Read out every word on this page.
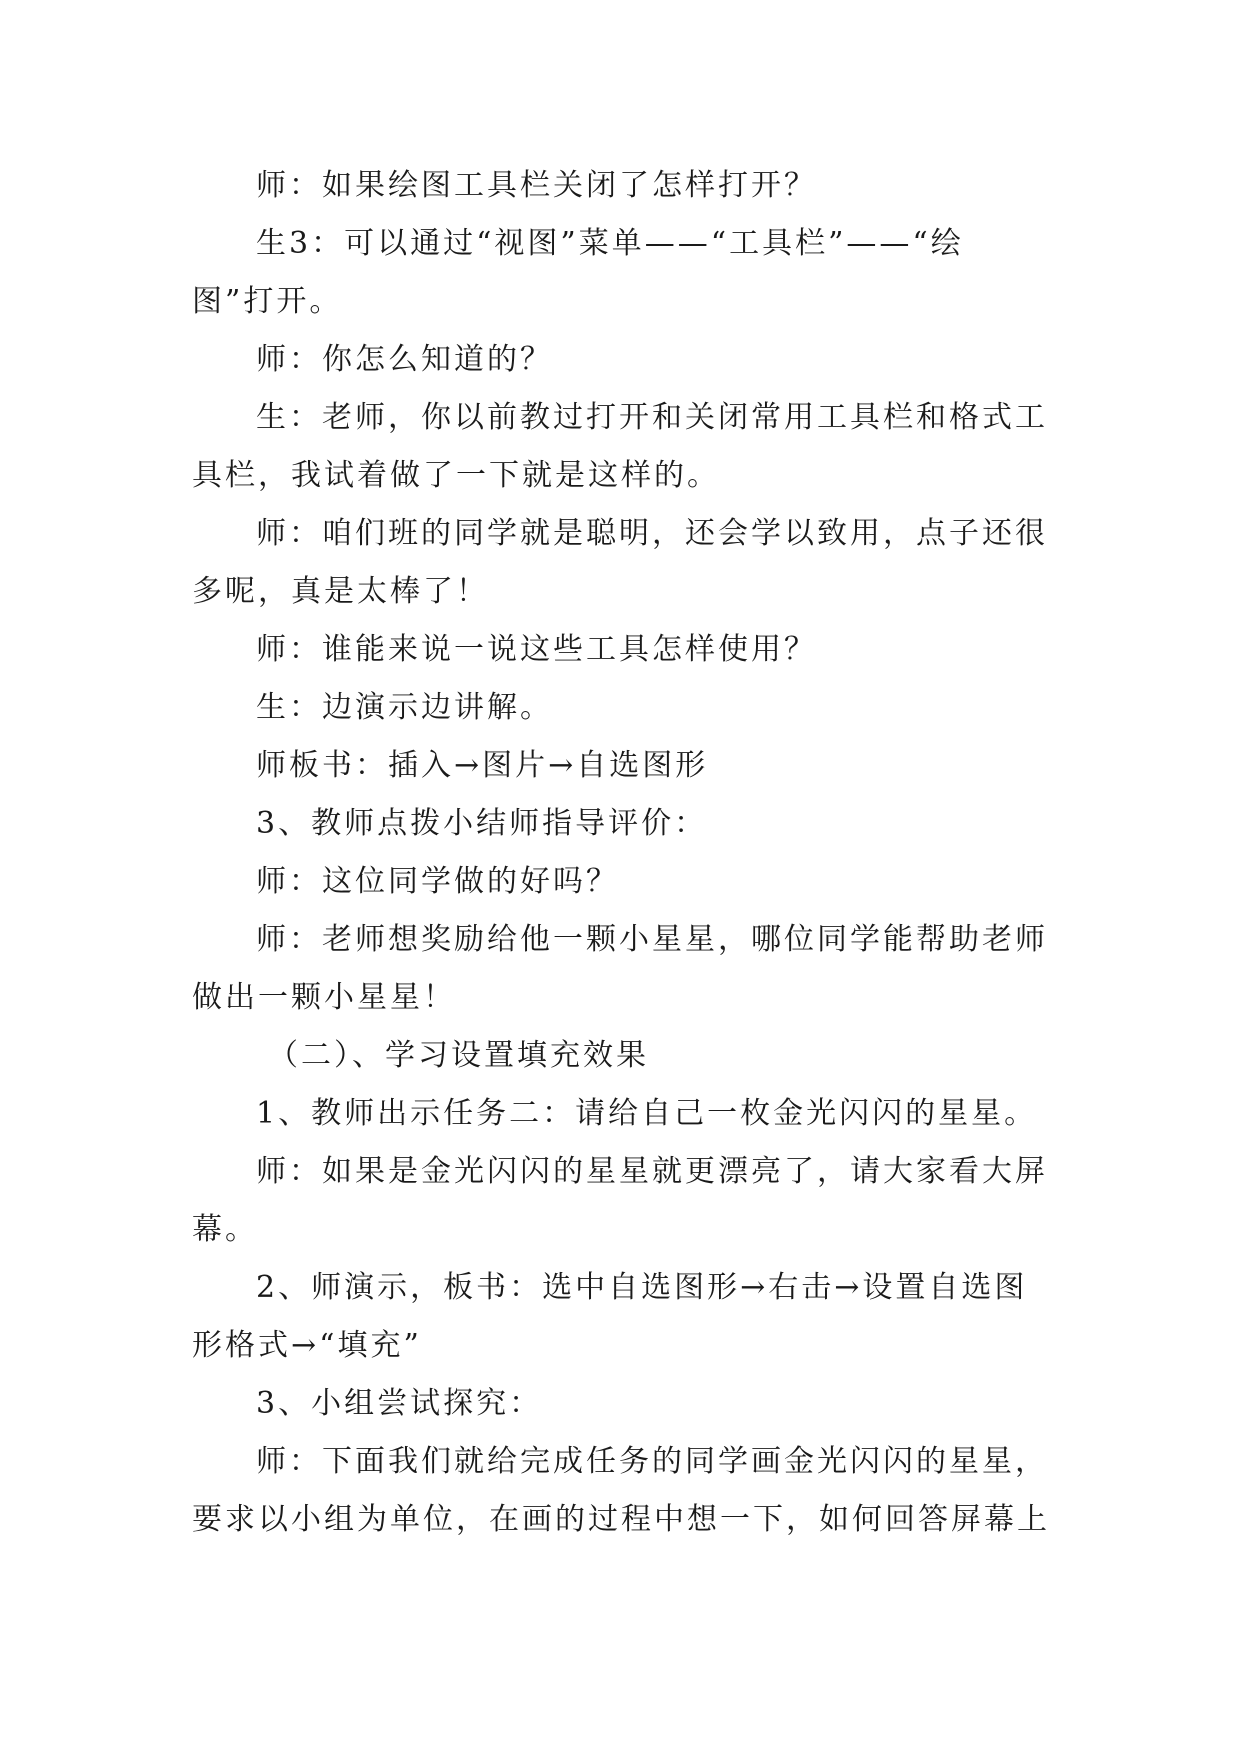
师：如果绘图工具栏关闭了怎样打开？
生3：可以通过“视图”菜单——“工具栏”——“绘
图”打开。
师：你怎么知道的？
生：老师，你以前教过打开和关闭常用工具栏和格式工
具栏，我试着做了一下就是这样的。
师：咱们班的同学就是聪明，还会学以致用，点子还很
多呢，真是太棒了！
师：谁能来说一说这些工具怎样使用？
生：边演示边讲解。
师板书：插入→图片→自选图形
3、教师点拨小结师指导评价：
师：这位同学做的好吗？
师：老师想奖励给他一颗小星星，哪位同学能帮助老师
做出一颗小星星！
（二）、学习设置填充效果
1、教师出示任务二：请给自己一枚金光闪闪的星星。
师：如果是金光闪闪的星星就更漂亮了，请大家看大屏
幕。
2、师演示，板书：选中自选图形→右击→设置自选图
形格式→“填充”
3、小组尝试探究：
师：下面我们就给完成任务的同学画金光闪闪的星星，
要求以小组为单位，在画的过程中想一下，如何回答屏幕上
